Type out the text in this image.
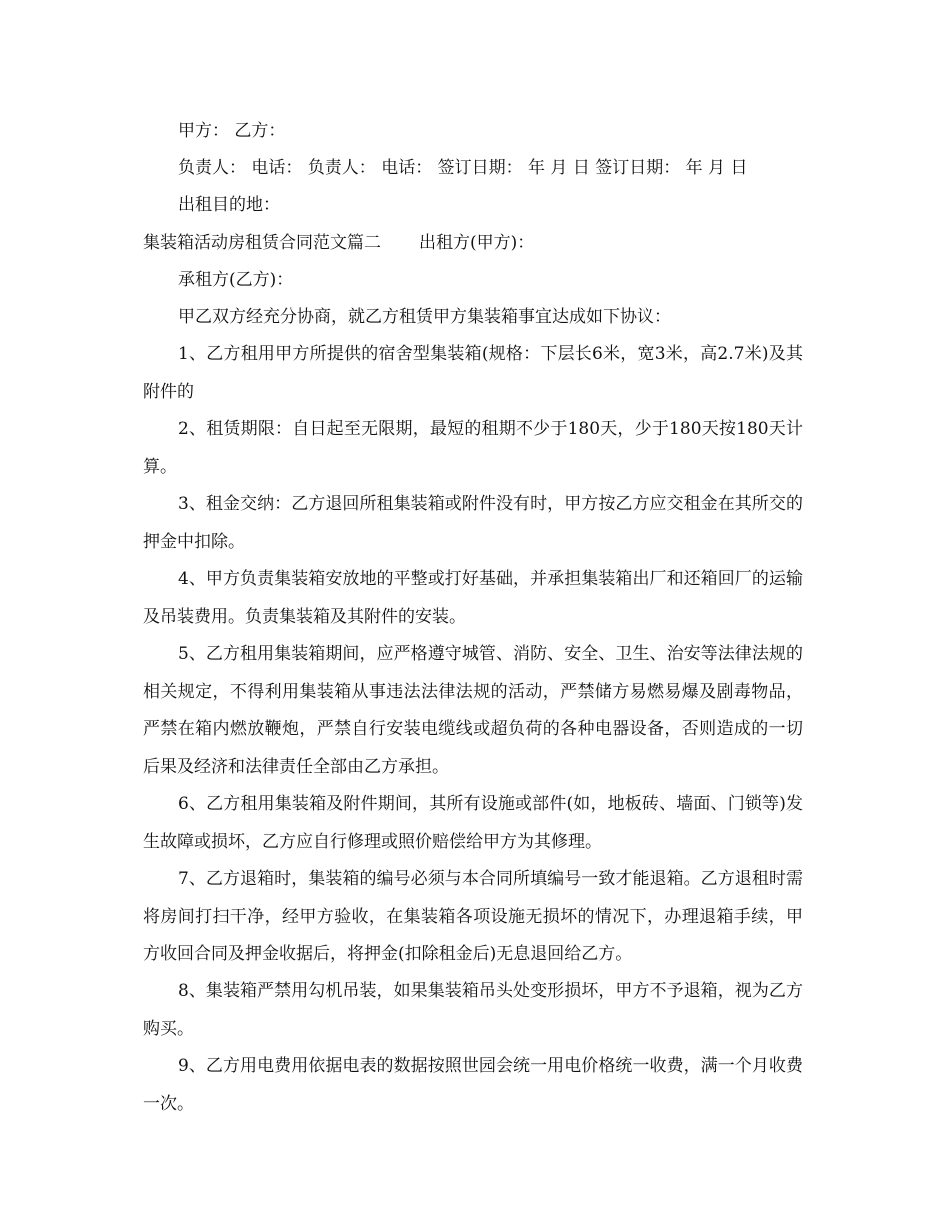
甲方： 乙方：
负责人： 电话： 负责人： 电话： 签订日期： 年 月 日 签订日期： 年 月 日
出租目的地：
集装箱活动房租赁合同范文篇二 出租方(甲方)：
承租方(乙方)：
甲乙双方经充分协商，就乙方租赁甲方集装箱事宜达成如下协议：
1、乙方租用甲方所提供的宿舍型集装箱(规格：下层长6米，宽3米，高2.7米)及其附件的
2、租赁期限：自日起至无限期，最短的租期不少于180天，少于180天按180天计算。
3、租金交纳：乙方退回所租集装箱或附件没有时，甲方按乙方应交租金在其所交的押金中扣除。
4、甲方负责集装箱安放地的平整或打好基础，并承担集装箱出厂和还箱回厂的运输及吊装费用。负责集装箱及其附件的安装。
5、乙方租用集装箱期间，应严格遵守城管、消防、安全、卫生、治安等法律法规的相关规定，不得利用集装箱从事违法法律法规的活动，严禁储方易燃易爆及剧毒物品，严禁在箱内燃放鞭炮，严禁自行安装电缆线或超负荷的各种电器设备，否则造成的一切后果及经济和法律责任全部由乙方承担。
6、乙方租用集装箱及附件期间，其所有设施或部件(如，地板砖、墙面、门锁等)发生故障或损坏，乙方应自行修理或照价赔偿给甲方为其修理。
7、乙方退箱时，集装箱的编号必须与本合同所填编号一致才能退箱。乙方退租时需将房间打扫干净，经甲方验收，在集装箱各项设施无损坏的情况下，办理退箱手续，甲方收回合同及押金收据后，将押金(扣除租金后)无息退回给乙方。
8、集装箱严禁用勾机吊装，如果集装箱吊头处变形损坏，甲方不予退箱，视为乙方购买。
9、乙方用电费用依据电表的数据按照世园会统一用电价格统一收费，满一个月收费一次。
